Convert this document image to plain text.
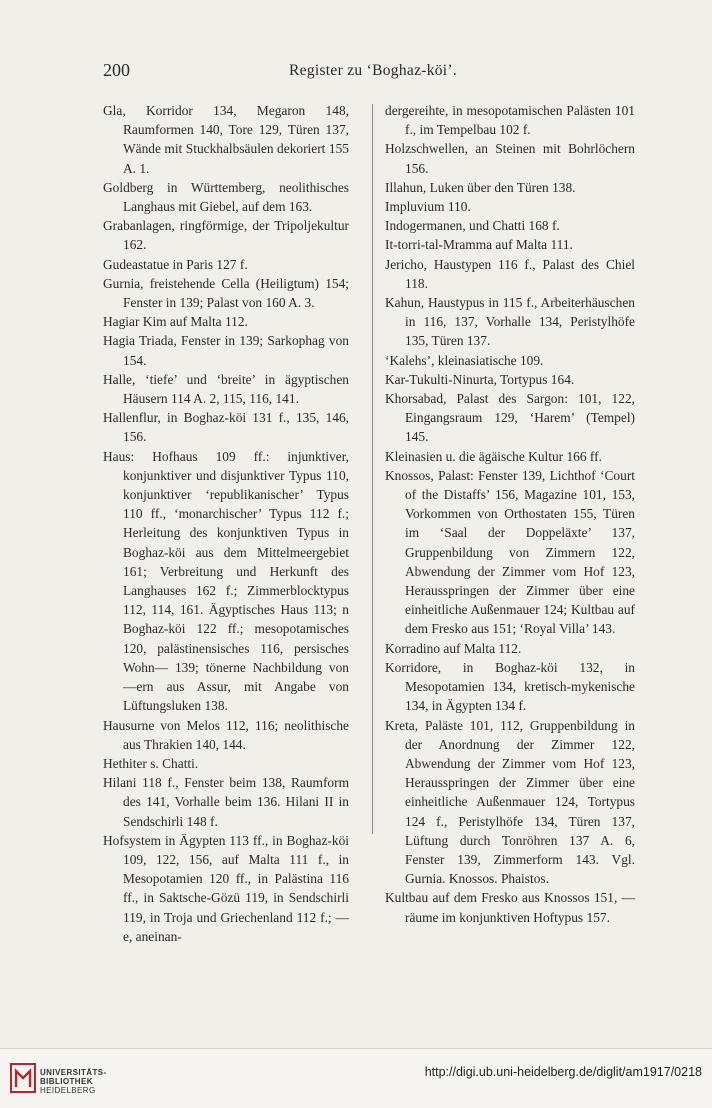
200	Register zu ‘Boghaz-köi’.

Gla, Korridor 134, Megaron 148, Raumformen 140, Tore 129, Türen 137, Wände mit Stuckhalbsäulen dekoriert 155 A. 1.

Goldberg in Württemberg, neolithisches Langhaus mit Giebel, auf dem 163.

Grabanlagen, ringförmige, der Tripoljekultur 162.

Gudeastatue in Paris 127 f.

Gurnia, freistehende Cella (Heiligtum) 154; Fenster in 139; Palast von 160 A. 3.

Hagiar Kim auf Malta 112.

Hagia Triada, Fenster in 139; Sarkophag von 154.

Halle, ‘tiefe’ und ‘breite’ in ägyptischen Häusern 114 A. 2, 115, 116, 141.

Hallenflur, in Boghaz-köi 131 f., 135, 146, 156.

Haus: Hofhaus 109 ff.: injunktiver, konjunktiver und disjunktiver Typus 110, konjunktiver ‘republikanischer’ Typus 110 ff., ‘monarchischer’ Typus 112 f.; Herleitung des konjunktiven Typus in Boghaz-köi aus dem Mittelmeergebiet 161; Verbreitung und Herkunft des Langhauses 162 f.; Zimmerblocktypus 112, 114, 161. Ägyptisches Haus 113; n Boghaz-köi 122 ff.; mesopotamisches 120, palästinensisches 116, persisches Wohn— 139; tönerne Nachbildung von —ern aus Assur, mit Angabe von Lüftungsluken 138.

Hausurne von Melos 112, 116; neolithische aus Thrakien 140, 144.

Hethiter s. Chatti.

Hilani 118 f., Fenster beim 138, Raumform des 141, Vorhalle beim 136. Hilani II in Sendschirli 148 f.

Hofsystem in Ägypten 113 ff., in Boghaz-köi 109, 122, 156, auf Malta 111 f., in Mesopotamien 120 ff., in Palästina 116 ff., in Saktsche-Gözü 119, in Sendschirli 119, in Troja und Griechenland 112 f.; —e, aneinan-

dergereihte, in mesopotamischen Palästen 101 f., im Tempelbau 102 f.

Holzschwellen, an Steinen mit Bohrlöchern 156.

Illahun, Luken über den Türen 138.

Impluvium 110.

Indogermanen, und Chatti 168 f.

It-torri-tal-Mramma auf Malta 111.

Jericho, Haustypen 116 f., Palast des Chiel 118.

Kahun, Haustypus in 115 f., Arbeiterhäuschen in 116, 137, Vorhalle 134, Peristylhöfe 135, Türen 137.

‘Kalehs’, kleinasiatische 109.

Kar-Tukulti-Ninurta, Tortypus 164.

Khorsabad, Palast des Sargon: 101, 122, Eingangsraum 129, ‘Harem’ (Tempel) 145.

Kleinasien u. die ägäische Kultur 166 ff.

Knossos, Palast: Fenster 139, Lichthof ‘Court of the Distaffs’ 156, Magazine 101, 153, Vorkommen von Orthostaten 155, Türen im ‘Saal der Doppeläxte’ 137, Gruppenbildung von Zimmern 122, Abwendung der Zimmer vom Hof 123, Herausspringen der Zimmer über eine einheitliche Außenmauer 124; Kultbau auf dem Fresko aus 151; ‘Royal Villa’ 143.

Korradino auf Malta 112.

Korridore, in Boghaz-köi 132, in Mesopotamien 134, kretisch-mykenische 134, in Ägypten 134 f.

Kreta, Paläste 101, 112, Gruppenbildung in der Anordnung der Zimmer 122, Abwendung der Zimmer vom Hof 123, Herausspringen der Zimmer über eine einheitliche Außenmauer 124, Tortypus 124 f., Peristylhöfe 134, Türen 137, Lüftung durch Tonröhren 137 A. 6, Fenster 139, Zimmerform 143. Vgl. Gurnia. Knossos. Phaistos.

Kultbau auf dem Fresko aus Knossos 151, —räume im konjunktiven Hoftypus 157.

UNIVERSITÄTS-
BIBLIOTHEK
HEIDELBERG
http://digi.ub.uni-heidelberg.de/diglit/am1917/0218
